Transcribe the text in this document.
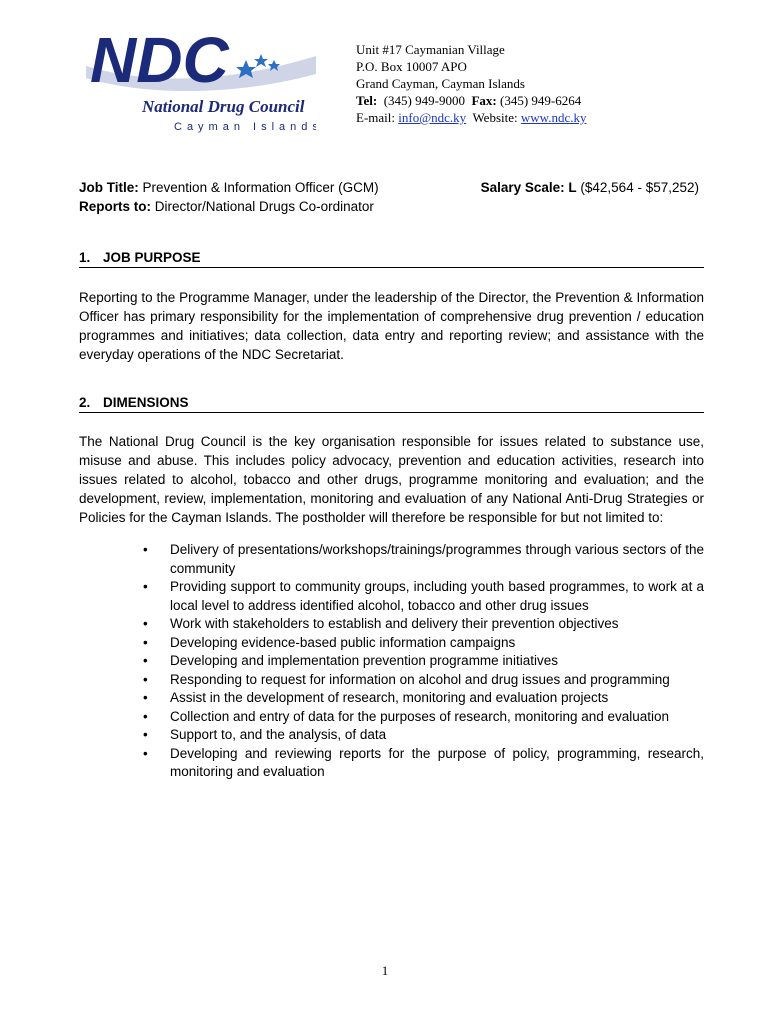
NDC
National Drug Council
Cayman Islands
Unit #17 Caymanian Village
P.O. Box 10007 APO
Grand Cayman, Cayman Islands
Tel: (345) 949-9000 Fax: (345) 949-6264
E-mail: info@ndc.ky Website: www.ndc.ky
Job Title: Prevention & Information Officer (GCM)
Reports to: Director/National Drugs Co-ordinator
Salary Scale: L ($42,564 - $57,252)
1. JOB PURPOSE
Reporting to the Programme Manager, under the leadership of the Director, the Prevention & Information Officer has primary responsibility for the implementation of comprehensive drug prevention / education programmes and initiatives; data collection, data entry and reporting review; and assistance with the everyday operations of the NDC Secretariat.
2. DIMENSIONS
The National Drug Council is the key organisation responsible for issues related to substance use, misuse and abuse. This includes policy advocacy, prevention and education activities, research into issues related to alcohol, tobacco and other drugs, programme monitoring and evaluation; and the development, review, implementation, monitoring and evaluation of any National Anti-Drug Strategies or Policies for the Cayman Islands. The postholder will therefore be responsible for but not limited to:
• Delivery of presentations/workshops/trainings/programmes through various sectors of the community
• Providing support to community groups, including youth based programmes, to work at a local level to address identified alcohol, tobacco and other drug issues
• Work with stakeholders to establish and delivery their prevention objectives
• Developing evidence-based public information campaigns
• Developing and implementation prevention programme initiatives
• Responding to request for information on alcohol and drug issues and programming
• Assist in the development of research, monitoring and evaluation projects
• Collection and entry of data for the purposes of research, monitoring and evaluation
• Support to, and the analysis, of data
• Developing and reviewing reports for the purpose of policy, programming, research, monitoring and evaluation
1
